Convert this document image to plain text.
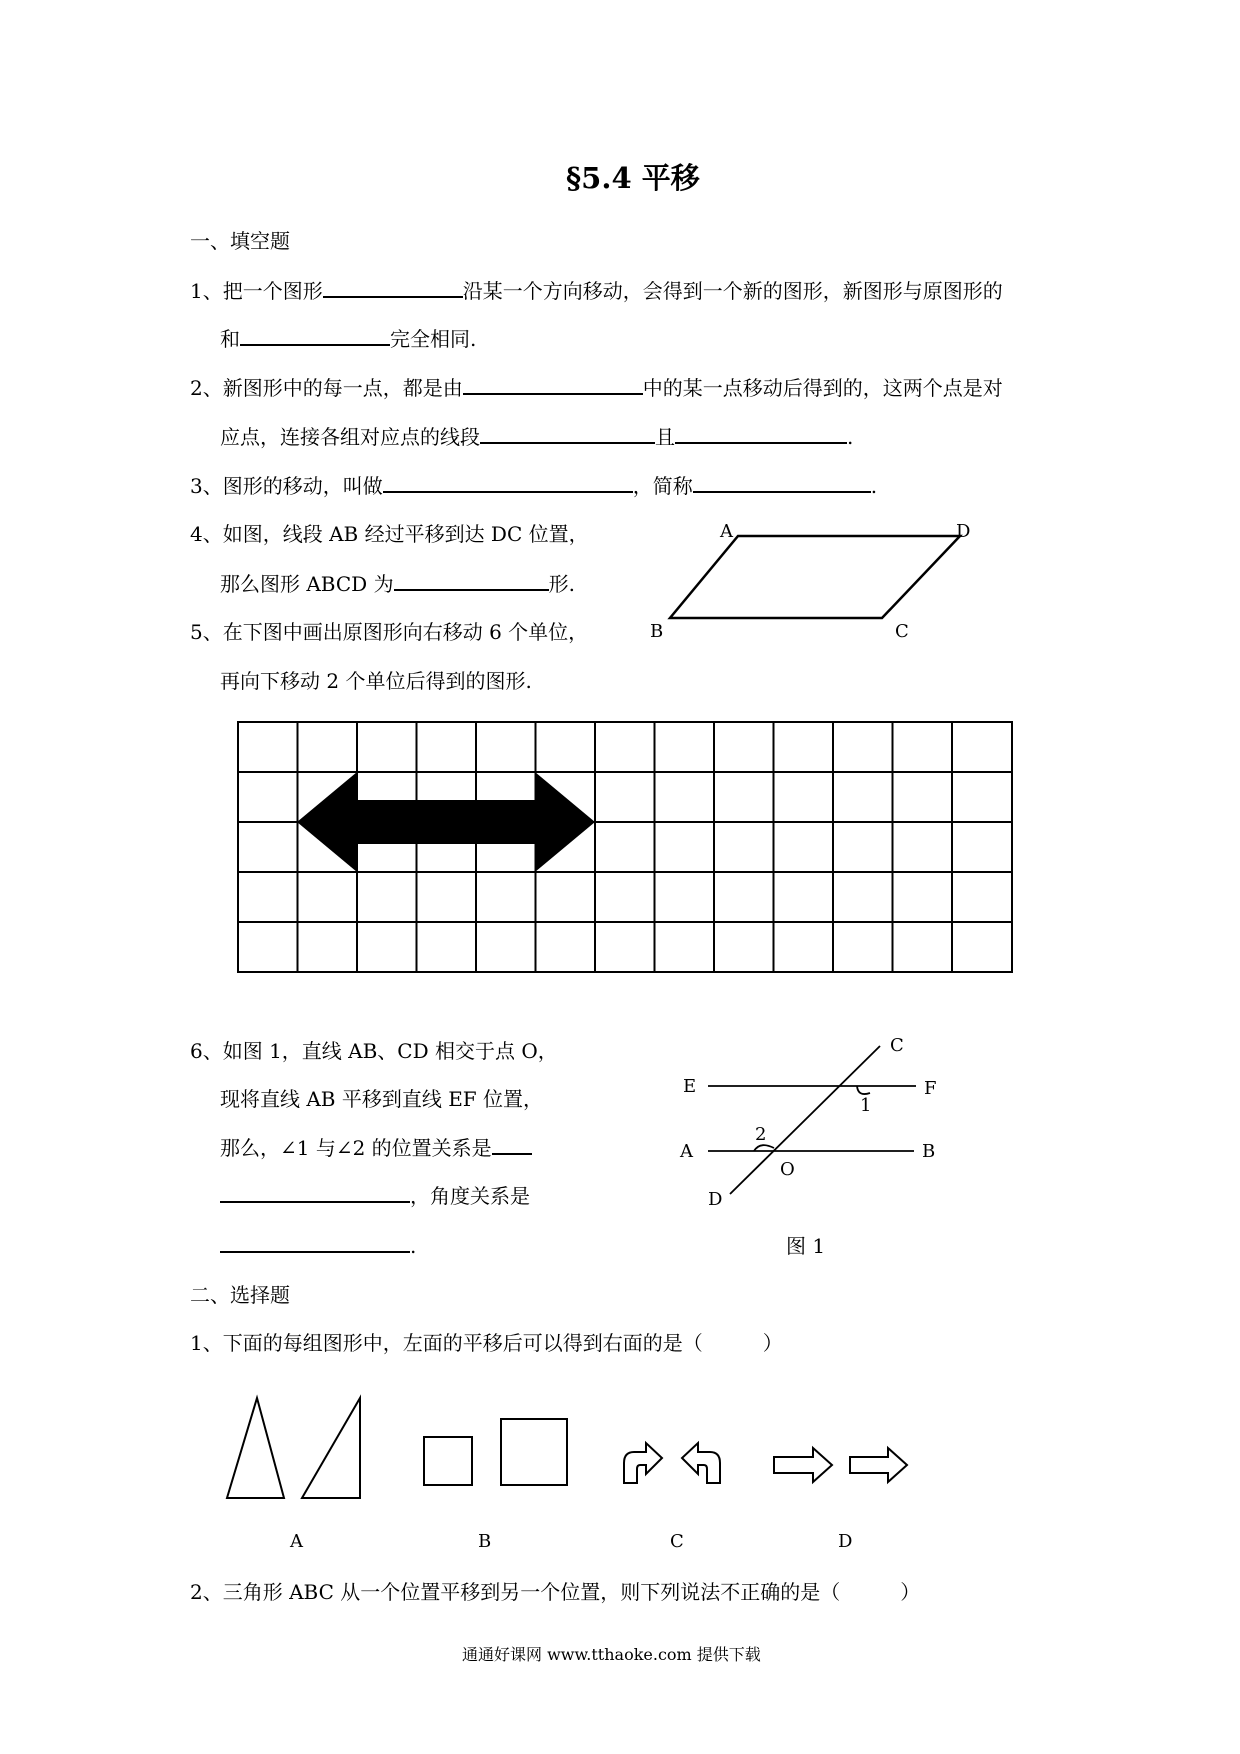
§5.4 平移
一、填空题
1、把一个图形	沿某一个方向移动，会得到一个新的图形，新图形与原图形的
和	完全相同.
2、新图形中的每一点，都是由	中的某一点移动后得到的，这两个点是对
应点，连接各组对应点的线段	且	.
3、图形的移动，叫做	，简称	.
4、如图，线段 AB 经过平移到达 DC 位置，
那么图形 ABCD 为	形.
A	D
B	C
5、在下图中画出原图形向右移动 6 个单位，
再向下移动 2 个单位后得到的图形.
6、如图 1，直线 AB、CD 相交于点 O，
现将直线 AB 平移到直线 EF 位置，
那么，∠1 与∠2 的位置关系是
，角度关系是
.
C
E	F
1
2
A	B
O
D
图 1
二、选择题
1、下面的每组图形中，左面的平移后可以得到右面的是（　　　）
A	B	C	D
2、三角形 ABC 从一个位置平移到另一个位置，则下列说法不正确的是（　　　）
通通好课网 www.tthaoke.com 提供下载
